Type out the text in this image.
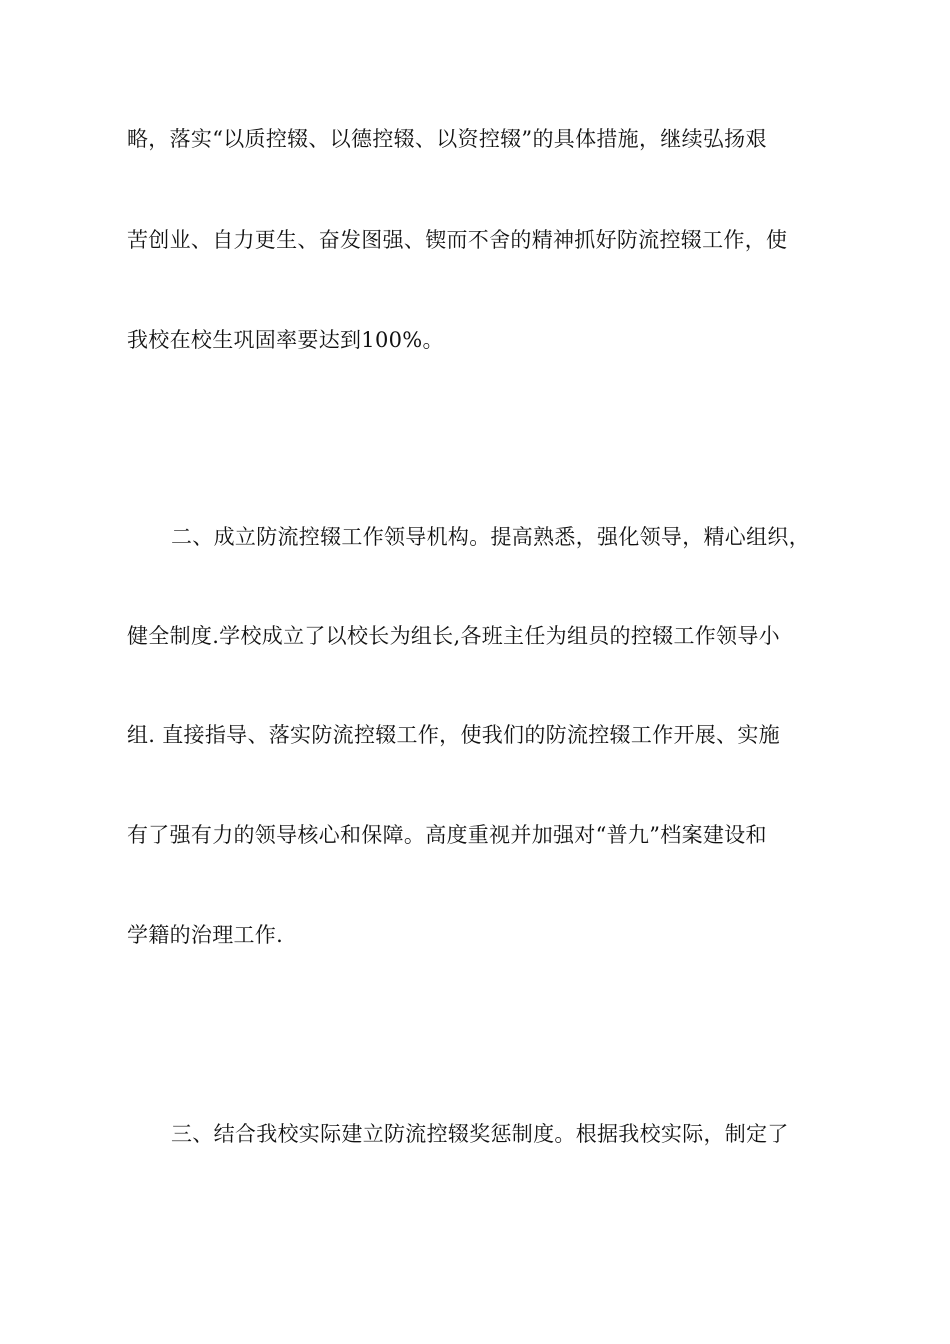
略，落实“以质控辍、以德控辍、以资控辍”的具体措施，继续弘扬艰
苦创业、自力更生、奋发图强、锲而不舍的精神抓好防流控辍工作，使
我校在校生巩固率要达到100%。
二、成立防流控辍工作领导机构。提高熟悉，强化领导，精心组织，
健全制度.学校成立了以校长为组长,各班主任为组员的控辍工作领导小
组. 直接指导、落实防流控辍工作，使我们的防流控辍工作开展、实施
有了强有力的领导核心和保障。高度重视并加强对“普九”档案建设和
学籍的治理工作.
三、结合我校实际建立防流控辍奖惩制度。根据我校实际，制定了
